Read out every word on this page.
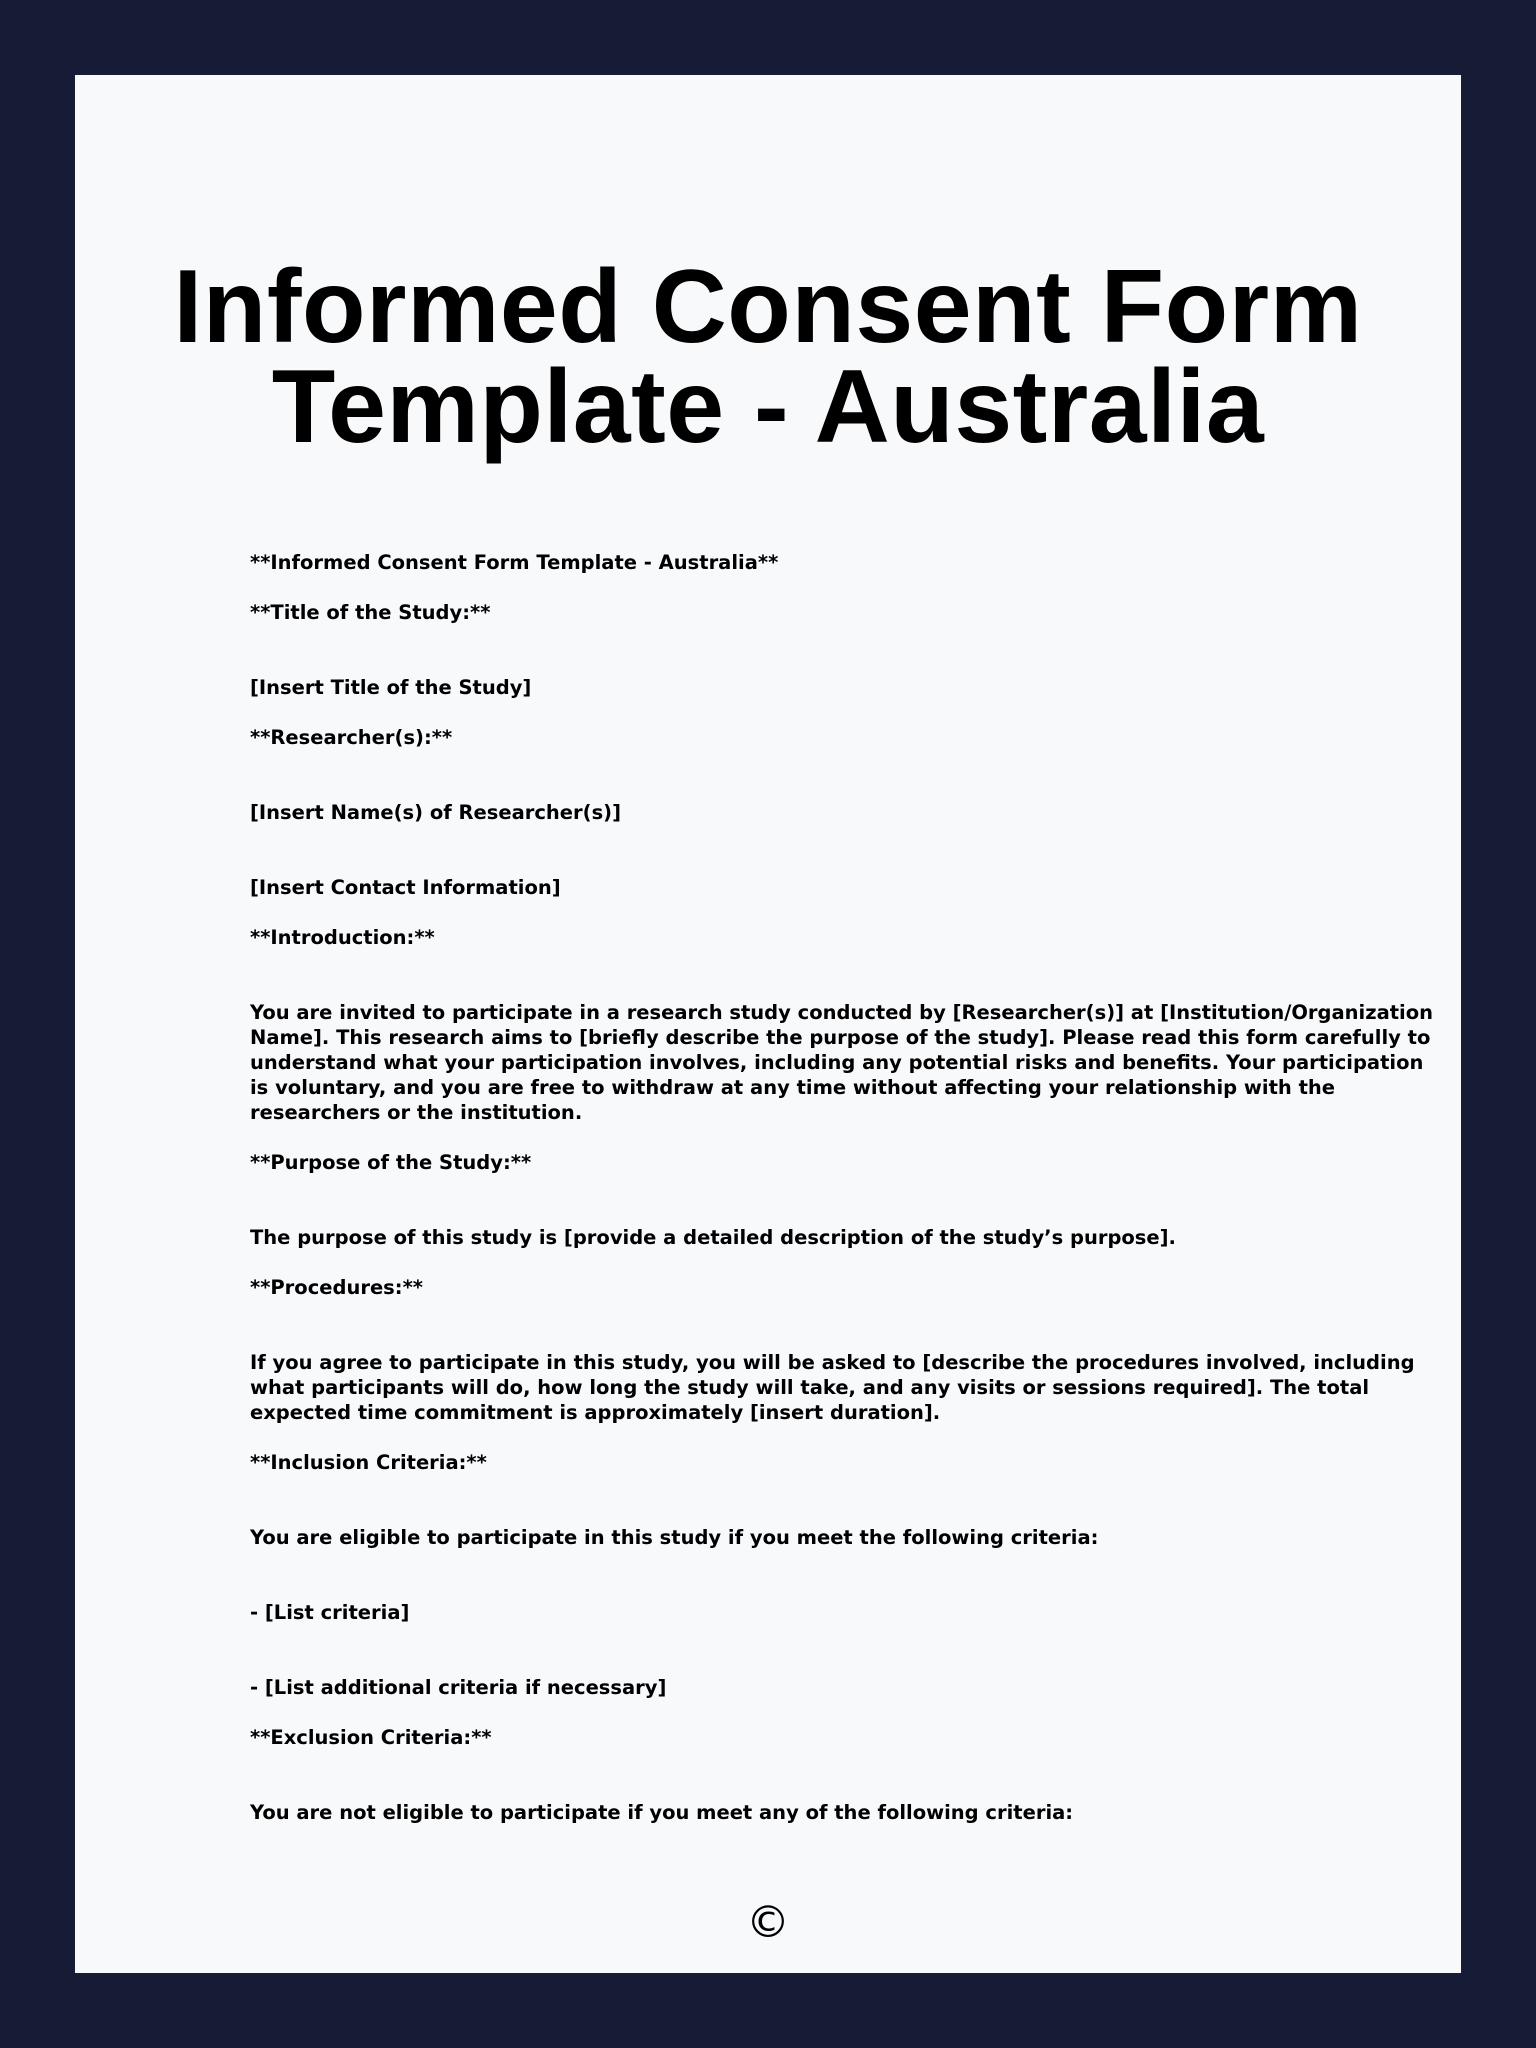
Informed Consent Form
Template - Australia

**Informed Consent Form Template - Australia**

**Title of the Study:**

[Insert Title of the Study]

**Researcher(s):**

[Insert Name(s) of Researcher(s)]

[Insert Contact Information]

**Introduction:**

You are invited to participate in a research study conducted by [Researcher(s)] at [Institution/Organization
Name]. This research aims to [briefly describe the purpose of the study]. Please read this form carefully to
understand what your participation involves, including any potential risks and benefits. Your participation
is voluntary, and you are free to withdraw at any time without affecting your relationship with the
researchers or the institution.

**Purpose of the Study:**

The purpose of this study is [provide a detailed description of the study’s purpose].

**Procedures:**

If you agree to participate in this study, you will be asked to [describe the procedures involved, including
what participants will do, how long the study will take, and any visits or sessions required]. The total
expected time commitment is approximately [insert duration].

**Inclusion Criteria:**

You are eligible to participate in this study if you meet the following criteria:

- [List criteria]

- [List additional criteria if necessary]

**Exclusion Criteria:**

You are not eligible to participate if you meet any of the following criteria:

©
